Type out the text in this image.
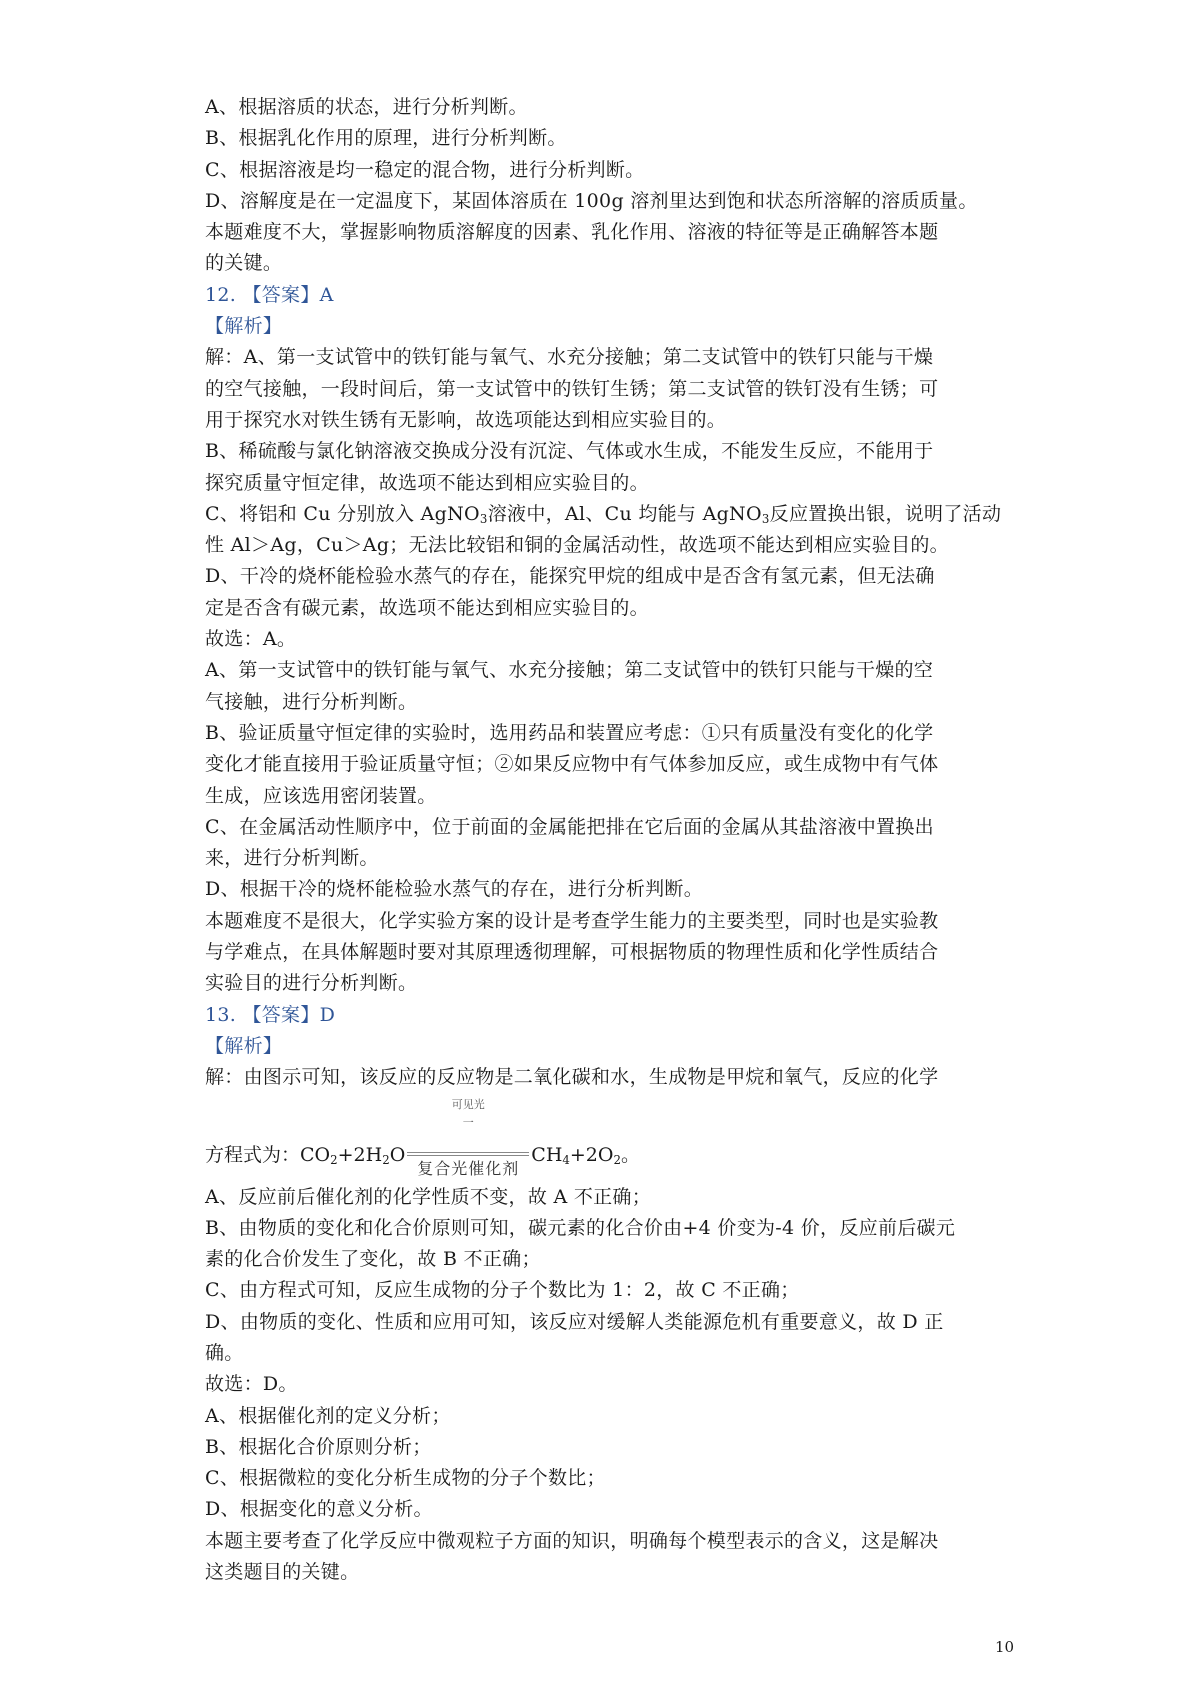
A、根据溶质的状态，进行分析判断。
B、根据乳化作用的原理，进行分析判断。
C、根据溶液是均一稳定的混合物，进行分析判断。
D、溶解度是在一定温度下，某固体溶质在 100g 溶剂里达到饱和状态所溶解的溶质质量。
本题难度不大，掌握影响物质溶解度的因素、乳化作用、溶液的特征等是正确解答本题
的关键。
12. 【答案】A
【解析】
解：A、第一支试管中的铁钉能与氧气、水充分接触；第二支试管中的铁钉只能与干燥
的空气接触，一段时间后，第一支试管中的铁钉生锈；第二支试管的铁钉没有生锈；可
用于探究水对铁生锈有无影响，故选项能达到相应实验目的。
B、稀硫酸与氯化钠溶液交换成分没有沉淀、气体或水生成，不能发生反应，不能用于
探究质量守恒定律，故选项不能达到相应实验目的。
C、将铝和 Cu 分别放入 AgNO$_3$溶液中，Al、Cu 均能与 AgNO$_3$反应置换出银，说明了活动
性 Al＞Ag，Cu＞Ag；无法比较铝和铜的金属活动性，故选项不能达到相应实验目的。
D、干冷的烧杯能检验水蒸气的存在，能探究甲烷的组成中是否含有氢元素，但无法确
定是否含有碳元素，故选项不能达到相应实验目的。
故选：A。
A、第一支试管中的铁钉能与氧气、水充分接触；第二支试管中的铁钉只能与干燥的空
气接触，进行分析判断。
B、验证质量守恒定律的实验时，选用药品和装置应考虑：①只有质量没有变化的化学
变化才能直接用于验证质量守恒；②如果反应物中有气体参加反应，或生成物中有气体
生成，应该选用密闭装置。
C、在金属活动性顺序中，位于前面的金属能把排在它后面的金属从其盐溶液中置换出
来，进行分析判断。
D、根据干冷的烧杯能检验水蒸气的存在，进行分析判断。
本题难度不是很大，化学实验方案的设计是考查学生能力的主要类型，同时也是实验教
与学难点，在具体解题时要对其原理透彻理解，可根据物质的物理性质和化学性质结合
实验目的进行分析判断。
13. 【答案】D
【解析】
解：由图示可知，该反应的反应物是二氧化碳和水，生成物是甲烷和氧气，反应的化学
方程式为：$CO_2+2H_2O$
可见光
一
复合光催化剂
$CH_4+2O_2$。
A、反应前后催化剂的化学性质不变，故 A 不正确；
B、由物质的变化和化合价原则可知，碳元素的化合价由+4 价变为-4 价，反应前后碳元
素的化合价发生了变化，故 B 不正确；
C、由方程式可知，反应生成物的分子个数比为 1：2，故 C 不正确；
D、由物质的变化、性质和应用可知，该反应对缓解人类能源危机有重要意义，故 D 正
确。
故选：D。
A、根据催化剂的定义分析；
B、根据化合价原则分析；
C、根据微粒的变化分析生成物的分子个数比；
D、根据变化的意义分析。
本题主要考查了化学反应中微观粒子方面的知识，明确每个模型表示的含义，这是解决
这类题目的关键。
10
